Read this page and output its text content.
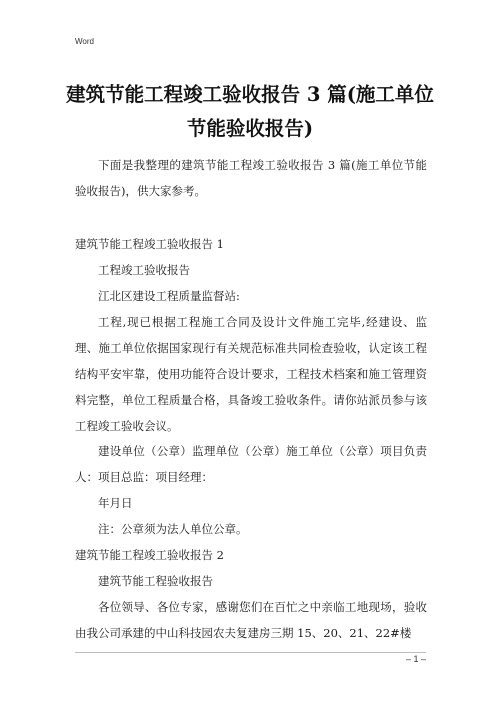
Word
建筑节能工程竣工验收报告 3 篇(施工单位节能验收报告)

下面是我整理的建筑节能工程竣工验收报告 3 篇(施工单位节能验收报告)，供大家参考。

建筑节能工程竣工验收报告 1

工程竣工验收报告

江北区建设工程质量监督站:

工程,现已根据工程施工合同及设计文件施工完毕,经建设、监理、施工单位依据国家现行有关规范标准共同检查验收，认定该工程结构平安牢靠，使用功能符合设计要求，工程技术档案和施工管理资料完整，单位工程质量合格，具备竣工验收条件。请你站派员参与该工程竣工验收会议。

建设单位（公章）监理单位（公章）施工单位（公章）项目负责人：项目总监：项目经理：

年月日

注：公章须为法人单位公章。

建筑节能工程竣工验收报告 2

建筑节能工程验收报告

各位领导、各位专家，感谢您们在百忙之中亲临工地现场，验收由我公司承建的中山科技园农夫复建房三期 15、20、21、22#楼

– 1 –
